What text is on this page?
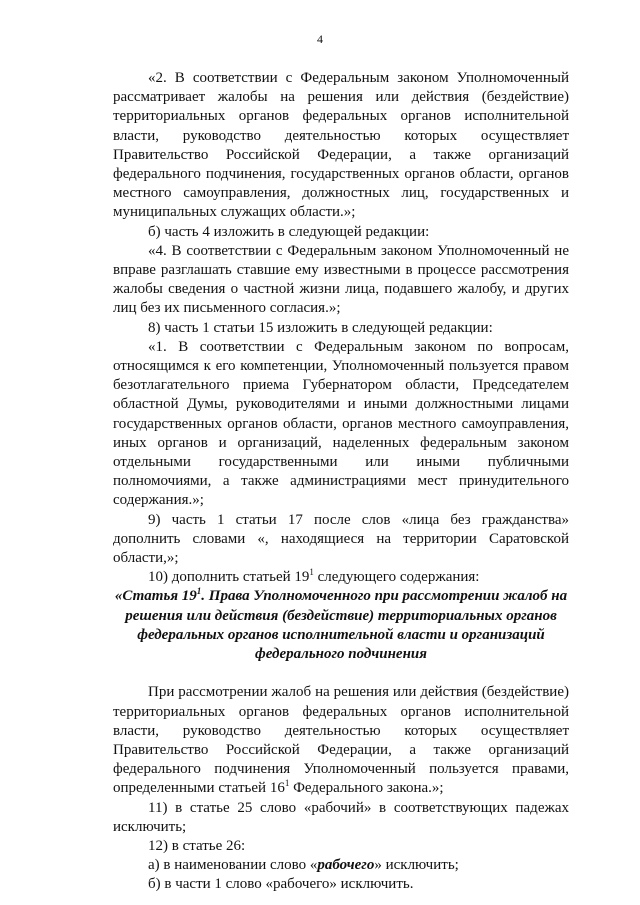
4

«2. В соответствии с Федеральным законом Уполномоченный рассматривает жалобы на решения или действия (бездействие) территориальных органов федеральных органов исполнительной власти, руководство деятельностью которых осуществляет Правительство Российской Федерации, а также организаций федерального подчинения, государственных органов области, органов местного самоуправления, должностных лиц, государственных и муниципальных служащих области.»;

б) часть 4 изложить в следующей редакции:

«4. В соответствии с Федеральным законом Уполномоченный не вправе разглашать ставшие ему известными в процессе рассмотрения жалобы сведения о частной жизни лица, подавшего жалобу, и других лиц без их письменного согласия.»;

8) часть 1 статьи 15 изложить в следующей редакции:

«1. В соответствии с Федеральным законом по вопросам, относящимся к его компетенции, Уполномоченный пользуется правом безотлагательного приема Губернатором области, Председателем областной Думы, руководителями и иными должностными лицами государственных органов области, органов местного самоуправления, иных органов и организаций, наделенных федеральным законом отдельными государственными или иными публичными полномочиями, а также администрациями мест принудительного содержания.»;

9) часть 1 статьи 17 после слов «лица без гражданства» дополнить словами «, находящиеся на территории Саратовской области,»;

10) дополнить статьей $19^1$ следующего содержания:

«Статья $19^1$. Права Уполномоченного при рассмотрении жалоб на решения или действия (бездействие) территориальных органов федеральных органов исполнительной власти и организаций федерального подчинения

При рассмотрении жалоб на решения или действия (бездействие) территориальных органов федеральных органов исполнительной власти, руководство деятельностью которых осуществляет Правительство Российской Федерации, а также организаций федерального подчинения Уполномоченный пользуется правами, определенными статьей $16^1$ Федерального закона.»;

11) в статье 25 слово «рабочий» в соответствующих падежах исключить;

12) в статье 26:

а) в наименовании слово «рабочего» исключить;

б) в части 1 слово «рабочего» исключить.
